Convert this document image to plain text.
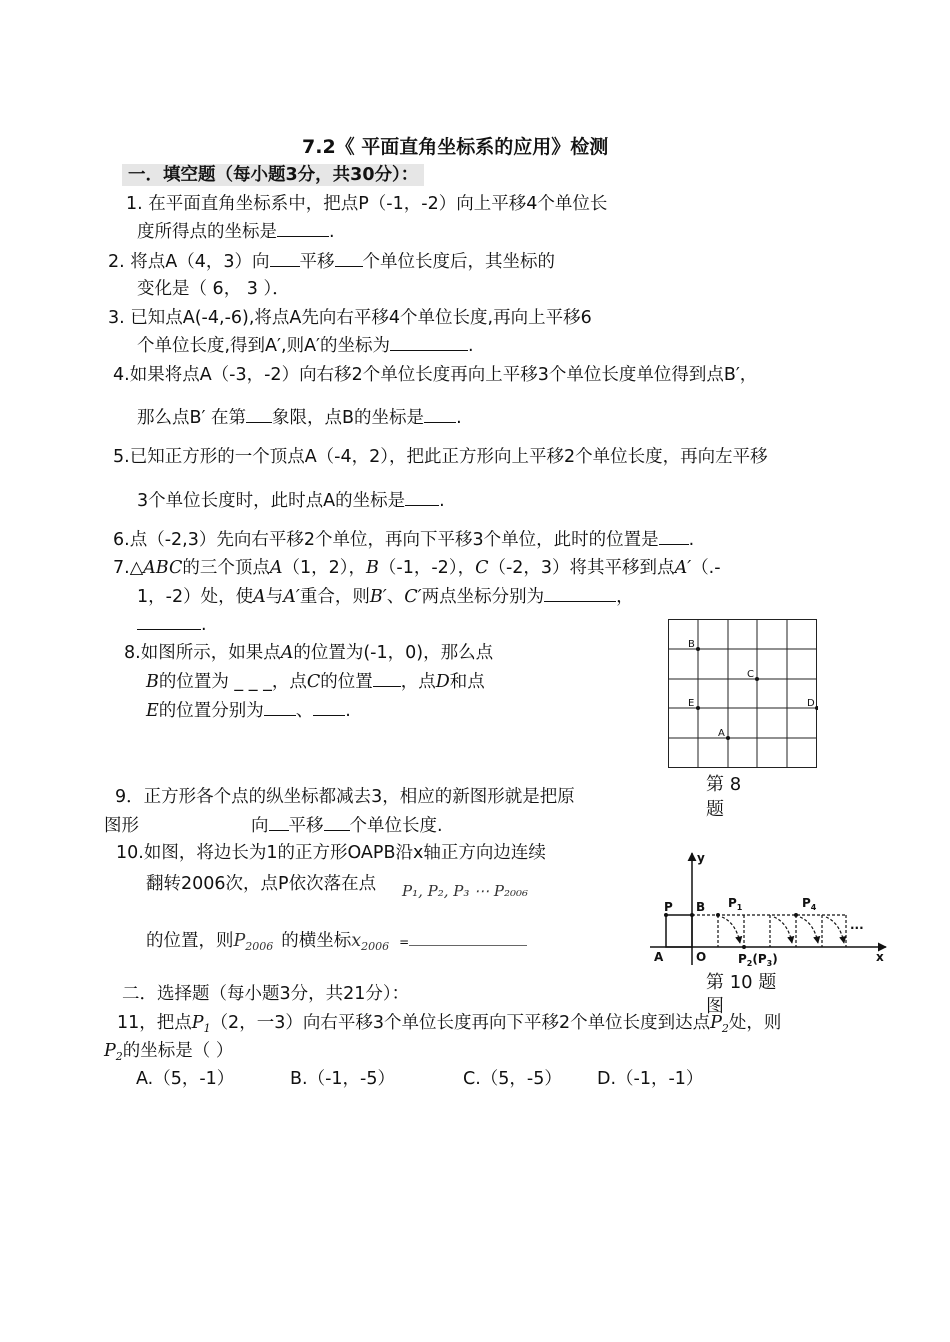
7.2《 平面直角坐标系的应用》检测
一．填空题（每小题3分，共30分）：
1. 在平面直角坐标系中，把点P（-1，-2）向上平移4个单位长
度所得点的坐标是	.
2. 将点A（4，3）向 平移 个单位长度后，其坐标的
变化是（ 6， 3 ）．
3. 已知点A(-4,-6),将点A先向右平移4个单位长度,再向上平移6
个单位长度,得到A′,则A′的坐标为	.
4.如果将点A（-3，-2）向右移2个单位长度再向上平移3个单位长度单位得到点B′，
那么点B′ 在第 象限，点B的坐标是 .
5.已知正方形的一个顶点A（-4，2），把此正方形向上平移2个单位长度，再向左平移
3个单位长度时，此时点A的坐标是 .
6.点（-2,3）先向右平移2个单位，再向下平移3个单位，此时的位置是 .
7.△ABC的三个顶点A（1，2），B（-1，-2），C（-2，3）将其平移到点A′（.-
1，-2）处，使A与A′重合，则B′、C′两点坐标分别为	，
.
8.如图所示，如果点A的位置为(-1，0)，那么点
B的位置为 _ _ _，点C的位置 ，点D和点
E的位置分别为 、 .
B
C
E	D
A
第 8
题
9．正方形各个点的纵坐标都减去3，相应的新图形就是把原
图形	向 平移 个单位长度.
10.如图，将边长为1的正方形OAPB沿x轴正方向边连续
翻转2006次，点P依次落在点 P₁, P₂, P₃ ⋯ P₂₀₀₆
的位置，则$P_{2006}$ 的横坐标$x_{2006}$ =
y
x
P B
A	O
$P_1$	$P_4$
$P_2(P_3)$
···
第 10 题
图
二．选择题（每小题3分，共21分）：
11，把点$P_1(2$，一3）向右平移3个单位长度再向下平移2个单位长度到达点$P_2$处，则
$P_2$的坐标是（ ）
A.（5，-1）	B.（-1，-5）	C.（5，-5） D.（-1，-1）
